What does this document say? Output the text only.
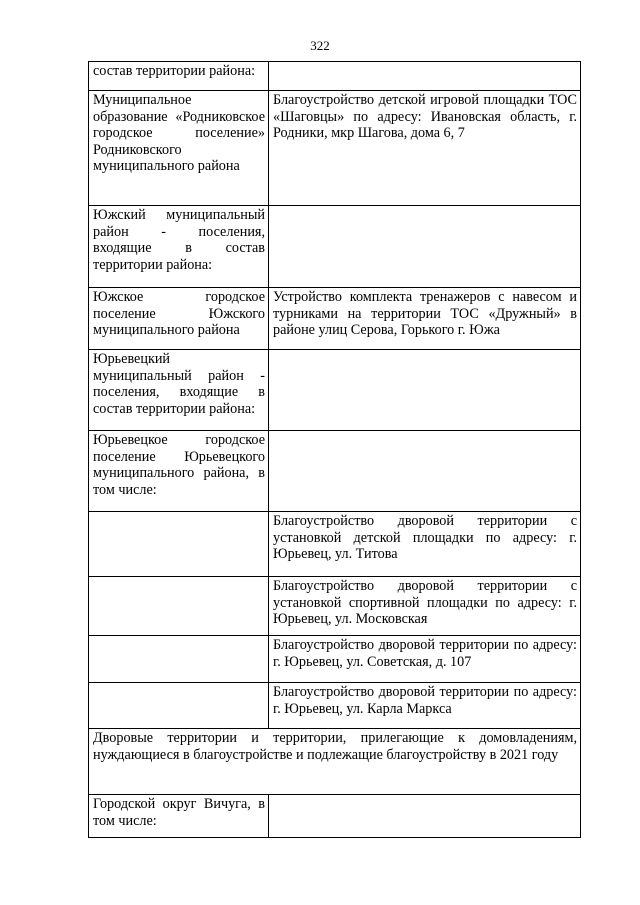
322
состав территории района:	
Муниципальное образование «Родниковское городское поселение» Родниковского муниципального района	Благоустройство детской игровой площадки ТОС «Шаговцы» по адресу: Ивановская область, г. Родники, мкр Шагова, дома 6, 7
Южский муниципальный район - поселения, входящие в состав территории района:	
Южское городское поселение Южского муниципального района	Устройство комплекта тренажеров с навесом и турниками на территории ТОС «Дружный» в районе улиц Серова, Горького г. Южа
Юрьевецкий муниципальный район - поселения, входящие в состав территории района:	
Юрьевецкое городское поселение Юрьевецкого муниципального района, в том числе:	
	Благоустройство дворовой территории с установкой детской площадки по адресу: г. Юрьевец, ул. Титова
	Благоустройство дворовой территории с установкой спортивной площадки по адресу: г. Юрьевец, ул. Московская
	Благоустройство дворовой территории по адресу: г. Юрьевец, ул. Советская, д. 107
	Благоустройство дворовой территории по адресу: г. Юрьевец, ул. Карла Маркса
Дворовые территории и территории, прилегающие к домовладениям, нуждающиеся в благоустройстве и подлежащие благоустройству в 2021 году	
Городской округ Вичуга, в том числе:	
